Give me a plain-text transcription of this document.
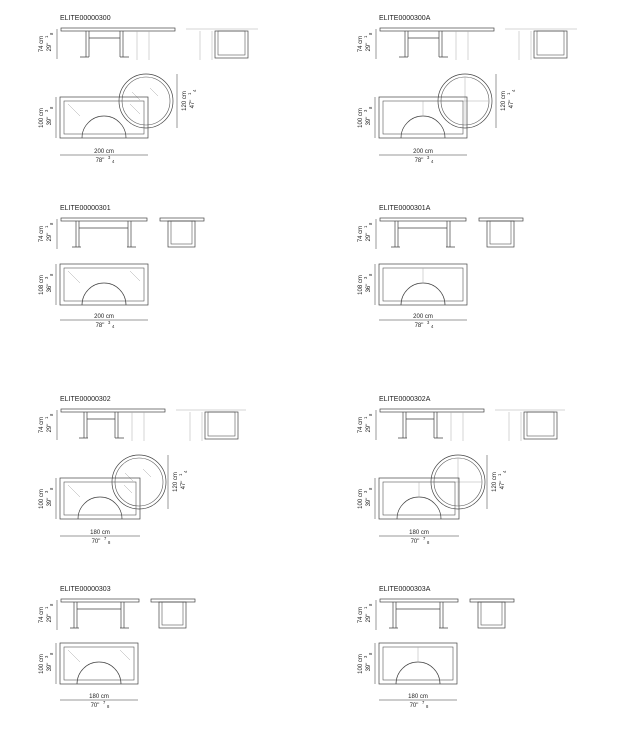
ELITE00000300
74 cm 29"
1
8
100 cm 39"
3
8	120 cm 47"
1
4
200 cm
78"
3
4
ELITE0000300A
74 cm 29"
1
8
100 cm 39"
3
8	120 cm 47"
1
4
200 cm
78"
3
4
ELITE00000301
74 cm 29"
1
8
108 cm 36"
3
8
200 cm
78"
3
4
ELITE0000301A
74 cm 29"
1
8
108 cm 36"
3
8
200 cm
78"
3
4
ELITE00000302
74 cm 29"
1
8
100 cm 39"
3
8	120 cm 47"
1
4
180 cm
70"
7
8
ELITE0000302A
74 cm 29"
1
8
100 cm 39"
3
8	120 cm 47"
1
4
180 cm
70"
7
8
ELITE00000303
74 cm 29"
1
8
100 cm 39"
3
8
180 cm
70"
7
8
ELITE0000303A
74 cm 29"
1
8
100 cm 39"
3
8
180 cm
70"
7
8
